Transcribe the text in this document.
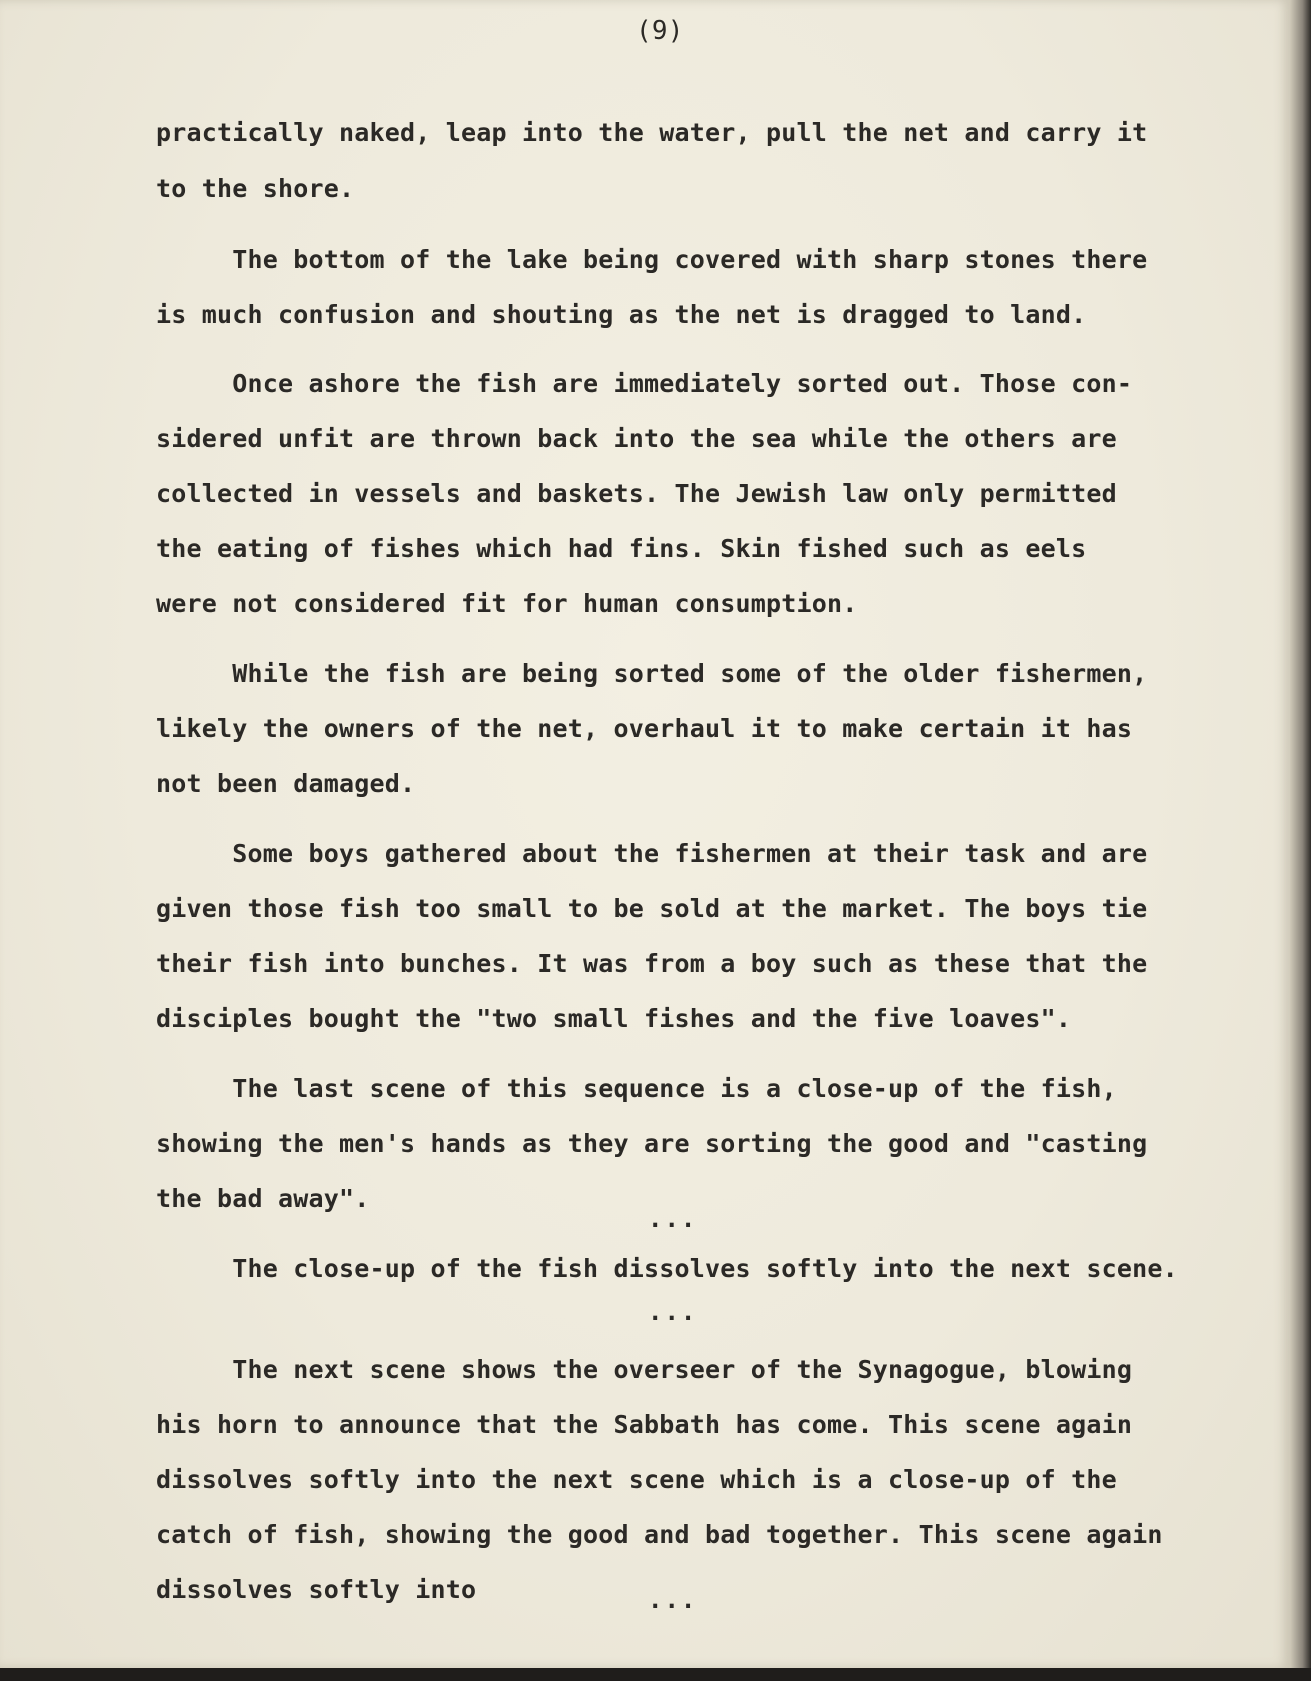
(9)
practically naked, leap into the water, pull the net and carry it
to the shore.
The bottom of the lake being covered with sharp stones there
is much confusion and shouting as the net is dragged to land.
Once ashore the fish are immediately sorted out. Those con-
sidered unfit are thrown back into the sea while the others are
collected in vessels and baskets. The Jewish law only permitted
the eating of fishes which had fins. Skin fished such as eels
were not considered fit for human consumption.
While the fish are being sorted some of the older fishermen,
likely the owners of the net, overhaul it to make certain it has
not been damaged.
Some boys gathered about the fishermen at their task and are
given those fish too small to be sold at the market. The boys tie
their fish into bunches. It was from a boy such as these that the
disciples bought the "two small fishes and the five loaves".
The last scene of this sequence is a close-up of the fish,
showing the men's hands as they are sorting the good and "casting
the bad away".
...
The close-up of the fish dissolves softly into the next scene.
...
The next scene shows the overseer of the Synagogue, blowing
his horn to announce that the Sabbath has come. This scene again
dissolves softly into the next scene which is a close-up of the
catch of fish, showing the good and bad together. This scene again
dissolves softly into	...
